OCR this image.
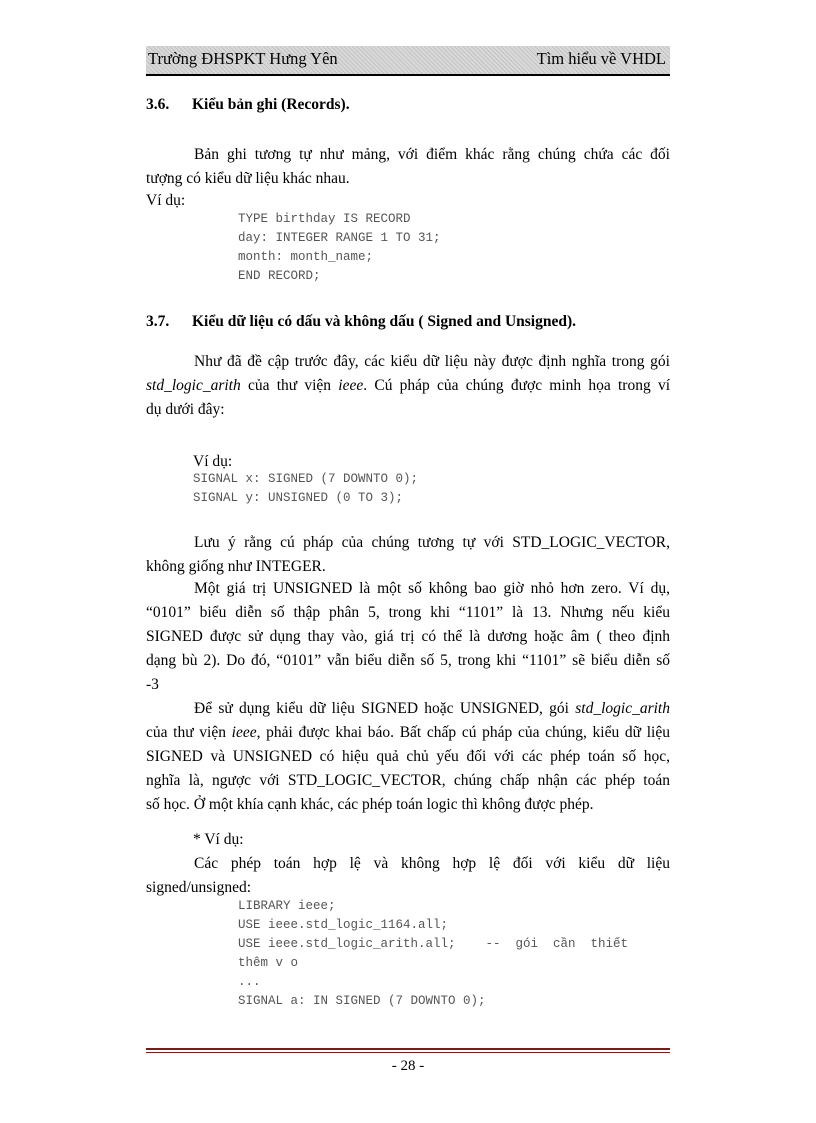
Trường ĐHSPKT Hưng Yên	Tìm hiểu về VHDL
3.6. Kiểu bản ghi (Records).
Bản ghi tương tự như mảng, với điểm khác rằng chúng chứa các đối
tượng có kiểu dữ liệu khác nhau.
Ví dụ:
TYPE birthday IS RECORD
day: INTEGER RANGE 1 TO 31;
month: month_name;
END RECORD;
3.7. Kiểu dữ liệu có dấu và không dấu ( Signed and Unsigned).
Như đã đề cập trước đây, các kiểu dữ liệu này được định nghĩa trong gói
std_logic_arith của thư viện ieee. Cú pháp của chúng được minh họa trong ví
dụ dưới đây:
Ví dụ:
SIGNAL x: SIGNED (7 DOWNTO 0);
SIGNAL y: UNSIGNED (0 TO 3);
Lưu ý rằng cú pháp của chúng tương tự với STD_LOGIC_VECTOR,
không giống như INTEGER.
Một giá trị UNSIGNED là một số không bao giờ nhỏ hơn zero. Ví dụ,
“0101” biểu diễn số thập phân 5, trong khi “1101” là 13. Nhưng nếu kiểu
SIGNED được sử dụng thay vào, giá trị có thể là dương hoặc âm ( theo định
dạng bù 2). Do đó, “0101” vẫn biểu diễn số 5, trong khi “1101” sẽ biểu diễn số
-3
Để sử dụng kiểu dữ liệu SIGNED hoặc UNSIGNED, gói std_logic_arith
của thư viện ieee, phải được khai báo. Bất chấp cú pháp của chúng, kiểu dữ liệu
SIGNED và UNSIGNED có hiệu quả chủ yếu đối với các phép toán số học,
nghĩa là, ngược với STD_LOGIC_VECTOR, chúng chấp nhận các phép toán
số học. Ở một khía cạnh khác, các phép toán logic thì không được phép.
* Ví dụ:
Các phép toán hợp lệ và không hợp lệ đối với kiểu dữ liệu
signed/unsigned:
LIBRARY ieee;
USE ieee.std_logic_1164.all;
USE ieee.std_logic_arith.all;    --  gói  cần  thiết
thêm v o
...
SIGNAL a: IN SIGNED (7 DOWNTO 0);
- 28 -
